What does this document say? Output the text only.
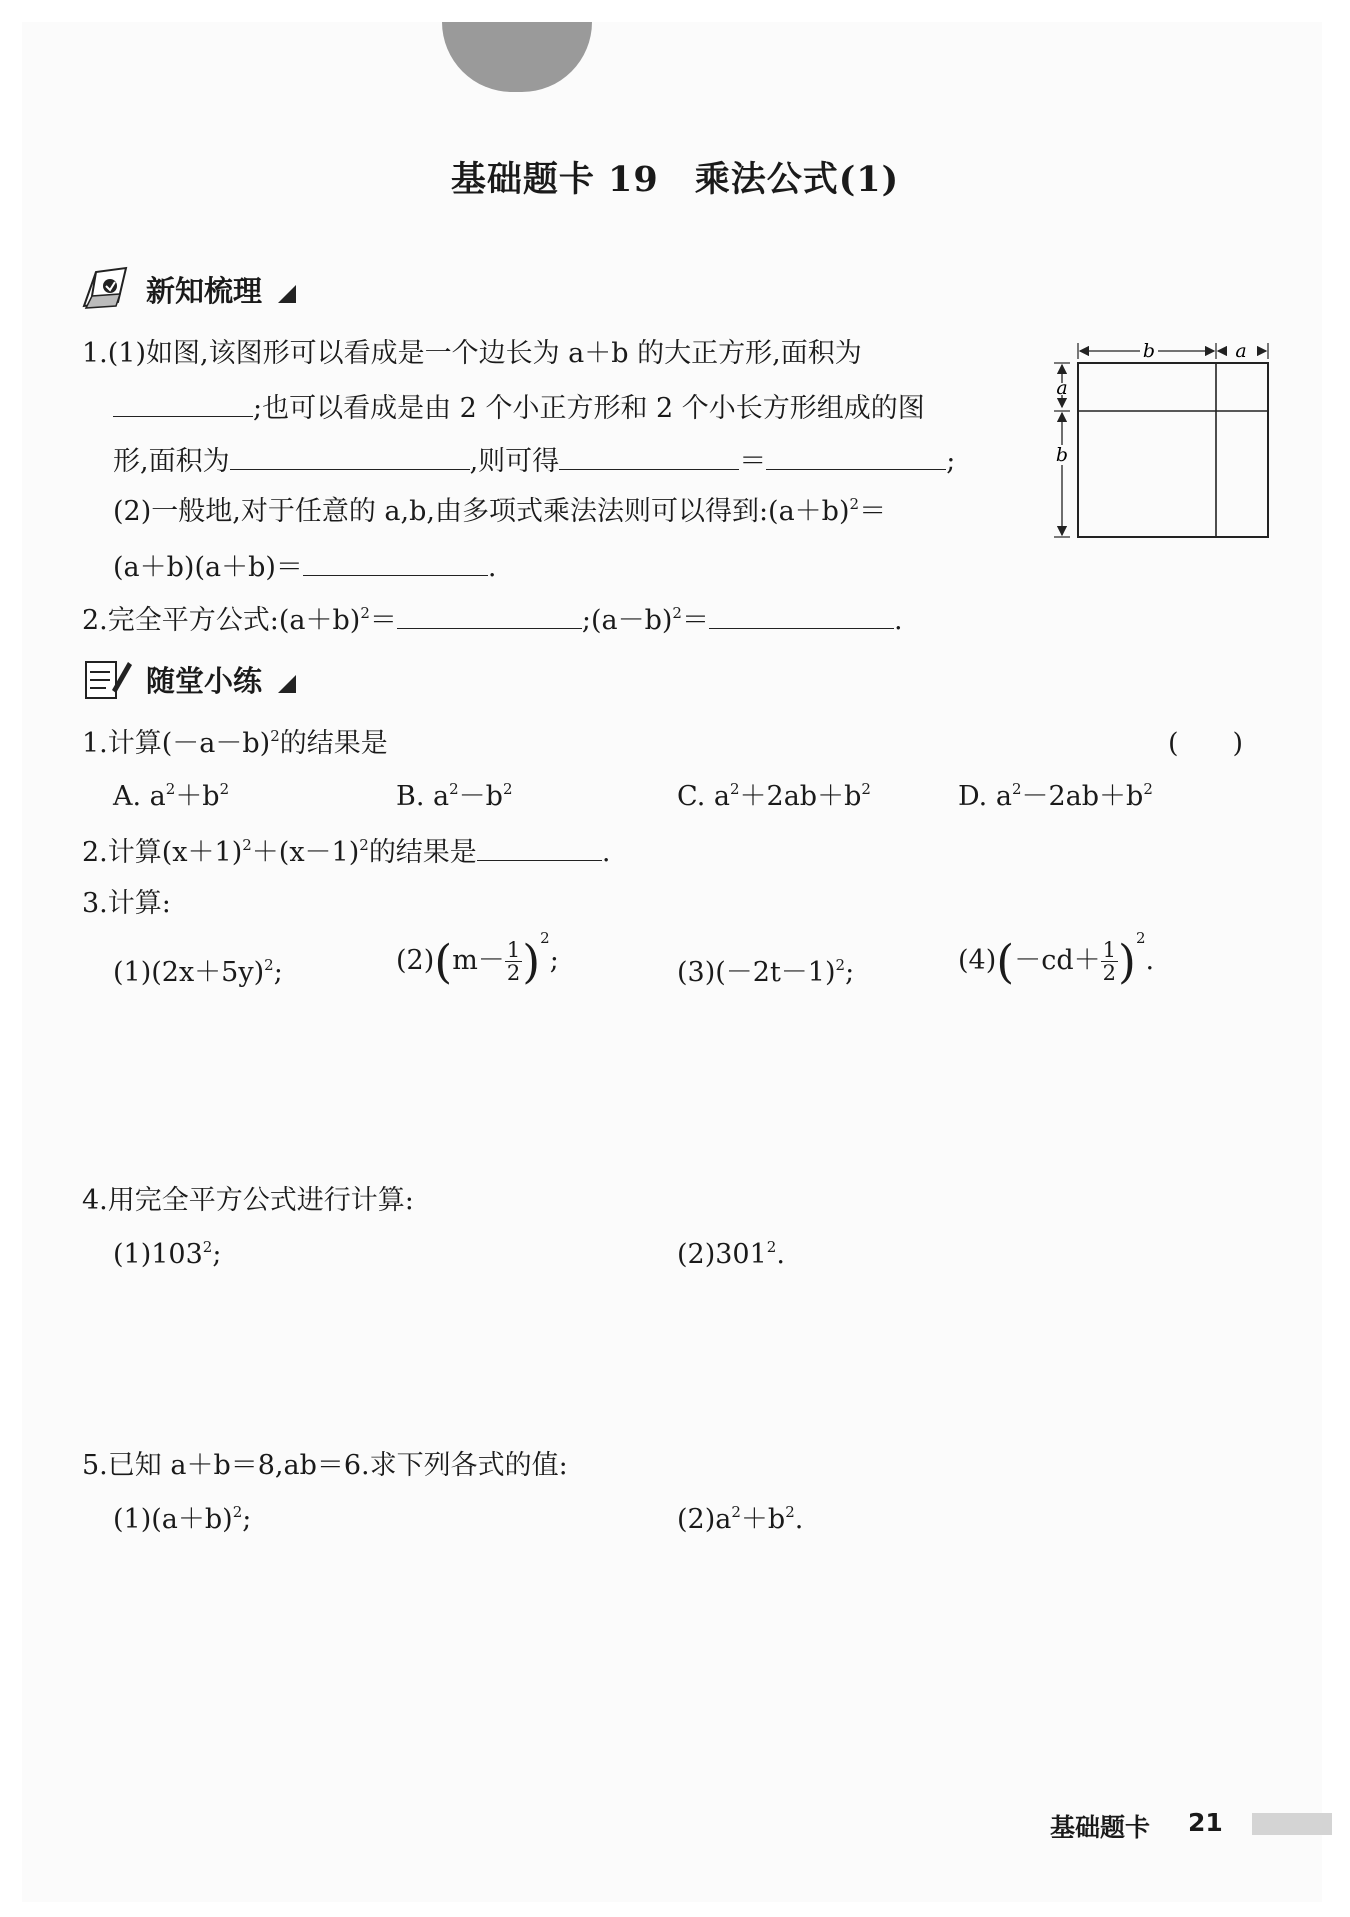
基础题卡 19　乘法公式(1)
新知梳理
1.(1)如图,该图形可以看成是一个边长为 a＋b 的大正方形,面积为
;也可以看成是由 2 个小正方形和 2 个小长方形组成的图
形,面积为	,则可得	＝	;
(2)一般地,对于任意的 a,b,由多项式乘法法则可以得到$:(a+b)^2=$
(a＋b)(a＋b)＝	.
2.完全平方公式$:(a+b)^2=$	$;(a-b)^2=$	.
b	a
a
b
随堂小练
1.计算$(-a-b)^2$的结果是	(　　)
A. $a^2+b^2$	B. $a^2-b^2$	C. $a^2+2ab+b^2$	D. $a^2-2ab+b^2$
2.计算$(x+1)^2+(x-1)^2$的结果是	.
3.计算:
$(1)(2x+5y)^2$;	$(2)(m- \frac{1}{2} )^2$;	$(3)(-2t-1)^2$;	$(4)(-cd+ \frac{1}{2} )^2$.
4.用完全平方公式进行计算:
$(1)103^2$;	$(2)301^2$.
5.已知 a＋b＝8,ab＝6.求下列各式的值:
$(1)(a+b)^2$;	$(2)a^2+b^2$.
基础题卡 21
